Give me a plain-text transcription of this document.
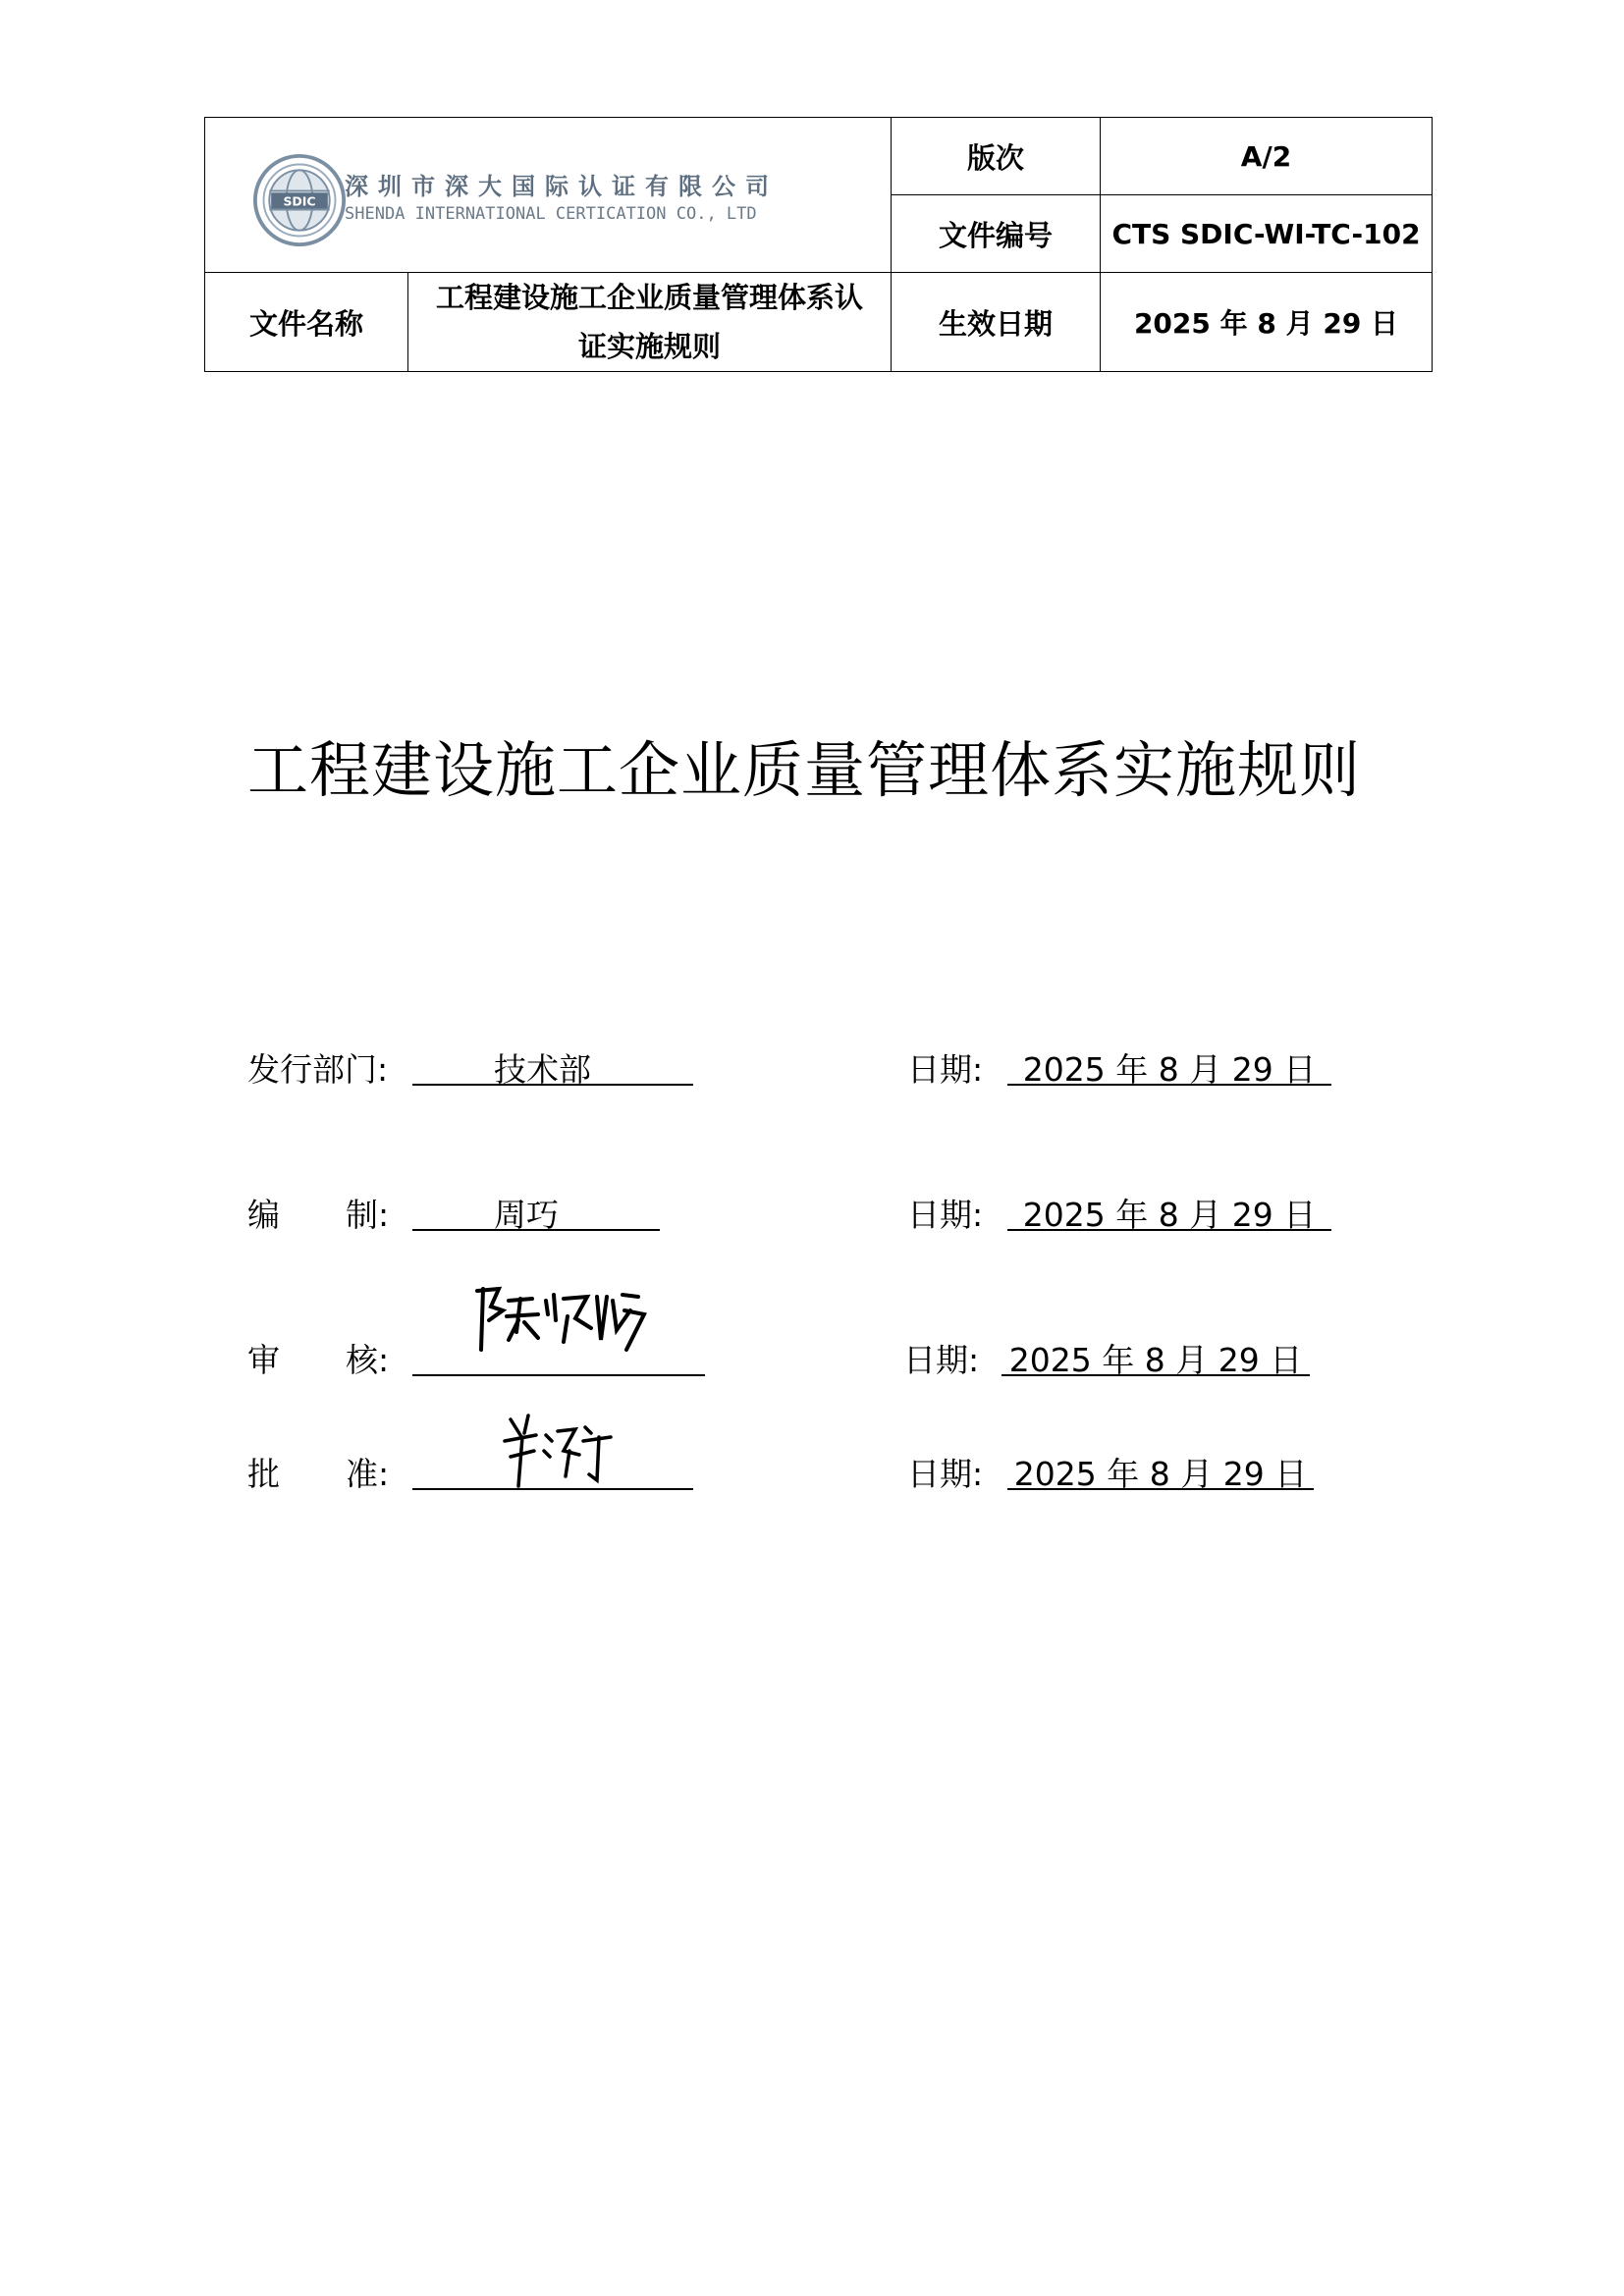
SDIC
深圳市深大国际认证有限公司
SHENDA INTERNATIONAL CERTICATION CO., LTD		版次	A/2
		文件编号	CTS SDIC-WI-TC-102
文件名称	工程建设施工企业质量管理体系认
证实施规则	生效日期	2025 年 8 月 29 日
工程建设施工企业质量管理体系实施规则
发行部门:	技术部	日期:	2025 年 8 月 29 日
编 制:	周巧	日期:	2025 年 8 月 29 日
审 核:	日期: 2025 年 8 月 29 日
批 准:	日期: 2025 年 8 月 29 日
